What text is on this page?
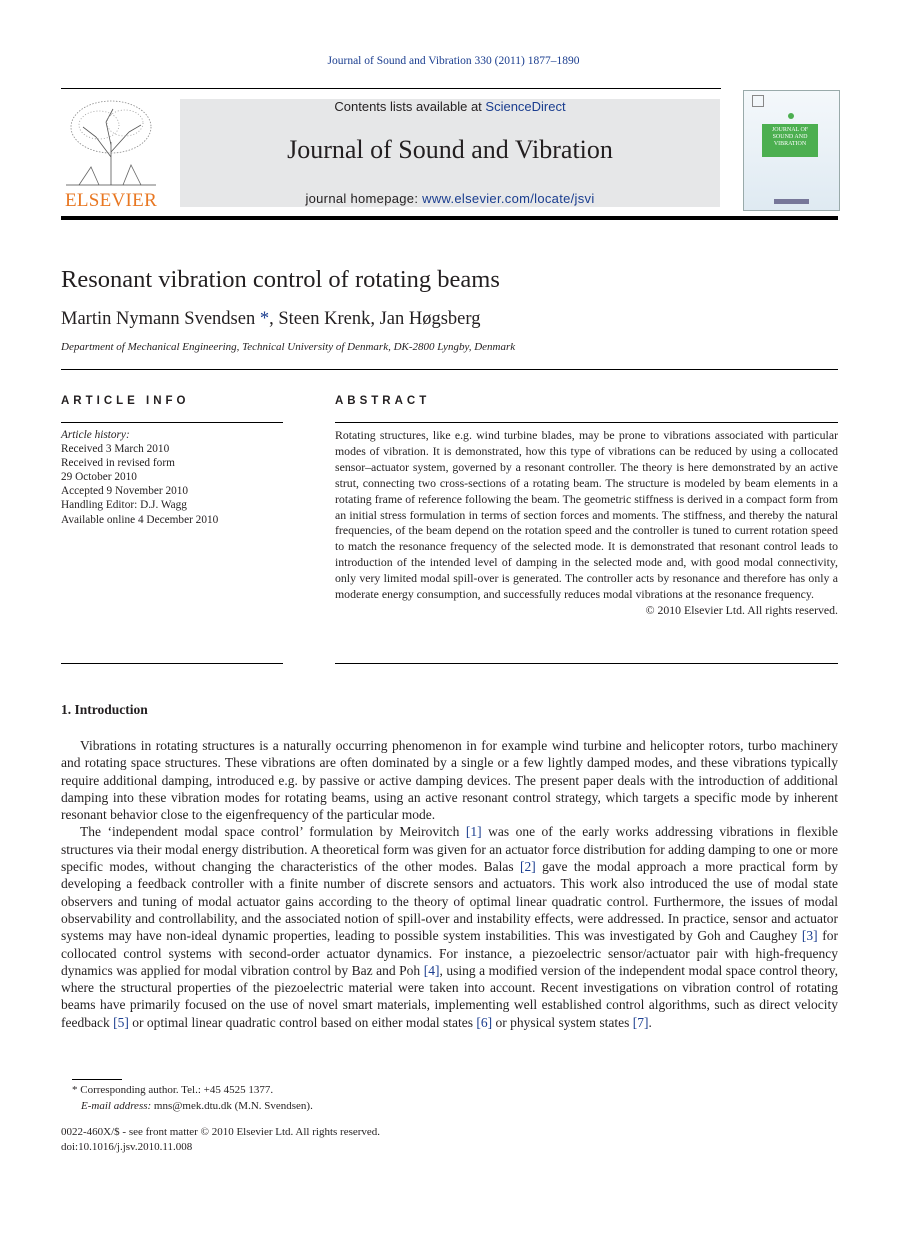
Journal of Sound and Vibration 330 (2011) 1877–1890
ELSEVIER
Contents lists available at ScienceDirect
Journal of Sound and Vibration
journal homepage: www.elsevier.com/locate/jsvi
JOURNAL OF SOUND AND VIBRATION
Resonant vibration control of rotating beams
Martin Nymann Svendsen *, Steen Krenk, Jan Høgsberg
Department of Mechanical Engineering, Technical University of Denmark, DK-2800 Lyngby, Denmark
ARTICLE INFO
Article history:
Received 3 March 2010
Received in revised form
29 October 2010
Accepted 9 November 2010
Handling Editor: D.J. Wagg
Available online 4 December 2010
ABSTRACT
Rotating structures, like e.g. wind turbine blades, may be prone to vibrations associated with particular modes of vibration. It is demonstrated, how this type of vibrations can be reduced by using a collocated sensor–actuator system, governed by a resonant controller. The theory is here demonstrated by an active strut, connecting two cross-sections of a rotating beam. The structure is modeled by beam elements in a rotating frame of reference following the beam. The geometric stiffness is derived in a compact form from an initial stress formulation in terms of section forces and moments. The stiffness, and thereby the natural frequencies, of the beam depend on the rotation speed and the controller is tuned to current rotation speed to match the resonance frequency of the selected mode. It is demonstrated that resonant control leads to introduction of the intended level of damping in the selected mode and, with good modal connectivity, only very limited modal spill-over is generated. The controller acts by resonance and therefore has only a moderate energy consumption, and successfully reduces modal vibrations at the resonance frequency.
© 2010 Elsevier Ltd. All rights reserved.
1. Introduction

Vibrations in rotating structures is a naturally occurring phenomenon in for example wind turbine and helicopter rotors, turbo machinery and rotating space structures. These vibrations are often dominated by a single or a few lightly damped modes, and these vibrations typically require additional damping, introduced e.g. by passive or active damping devices. The present paper deals with the introduction of additional damping into these vibration modes for rotating beams, using an active resonant control strategy, which targets a specific mode by inherent resonant behavior close to the eigenfrequency of the particular mode.

The ‘independent modal space control’ formulation by Meirovitch [1] was one of the early works addressing vibrations in flexible structures via their modal energy distribution. A theoretical form was given for an actuator force distribution for adding damping to one or more specific modes, without changing the characteristics of the other modes. Balas [2] gave the modal approach a more practical form by developing a feedback controller with a finite number of discrete sensors and actuators. This work also introduced the use of modal state observers and tuning of modal actuator gains according to the theory of optimal linear quadratic control. Furthermore, the issues of modal observability and controllability, and the associated notion of spill-over and instability effects, were addressed. In practice, sensor and actuator systems may have non-ideal dynamic properties, leading to possible system instabilities. This was investigated by Goh and Caughey [3] for collocated control systems with second-order actuator dynamics. For instance, a piezoelectric sensor/actuator pair with high-frequency dynamics was applied for modal vibration control by Baz and Poh [4], using a modified version of the independent modal space control theory, where the structural properties of the piezoelectric material were taken into account. Recent investigations on vibration control of rotating beams have primarily focused on the use of novel smart materials, implementing well established control algorithms, such as direct velocity feedback [5] or optimal linear quadratic control based on either modal states [6] or physical system states [7].

* Corresponding author. Tel.: +45 4525 1377.
E-mail address: mns@mek.dtu.dk (M.N. Svendsen).
0022-460X/$ - see front matter © 2010 Elsevier Ltd. All rights reserved.
doi:10.1016/j.jsv.2010.11.008
